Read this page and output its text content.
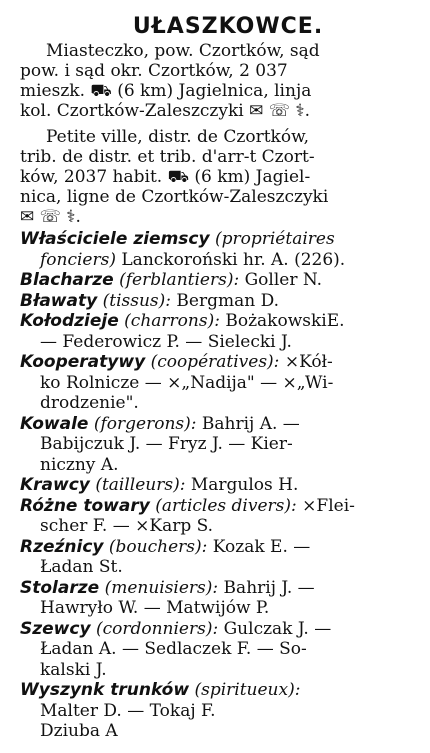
UŁASZKOWCE.

Miasteczko, pow. Czortków, sąd
pow. i sąd okr. Czortków, 2 037
mieszk. ⛟ (6 km) Jagielnica, linja
kol. Czortków-Zaleszczyki ✉ ☏ ⚕.

Petite ville, distr. de Czortków,
trib. de distr. et trib. d'arr-t Czort-
ków, 2037 habit. ⛟ (6 km) Jagiel-
nica, ligne de Czortków-Zaleszczyki
✉ ☏ ⚕.

Właściciele ziemscy (propriétaires
fonciers) Lanckoroński hr. A. (226).

Blacharze (ferblantiers): Goller N.

Bławaty (tissus): Bergman D.

Kołodzieje (charrons): BożakowskiE.
— Federowicz P. — Sielecki J.

Kooperatywy (coopératives): ×Kół-
ko Rolnicze — ×„Nadija" — ×„Wi-
drodzenie".

Kowale (forgerons): Bahrij A. —
Babijczuk J. — Fryz J. — Kier-
niczny A.

Krawcy (tailleurs): Margulos H.

Różne towary (articles divers): ×Flei-
scher F. — ×Karp S.

Rzeźnicy (bouchers): Kozak E. —
Ładan St.

Stolarze (menuisiers): Bahrij J. —
Hawryło W. — Matwijów P.

Szewcy (cordonniers): Gulczak J. —
Ładan A. — Sedlaczek F. — So-
kalski J.

Wyszynk trunków (spiritueux):
Malter D. — Tokaj F.
Dziuba A
